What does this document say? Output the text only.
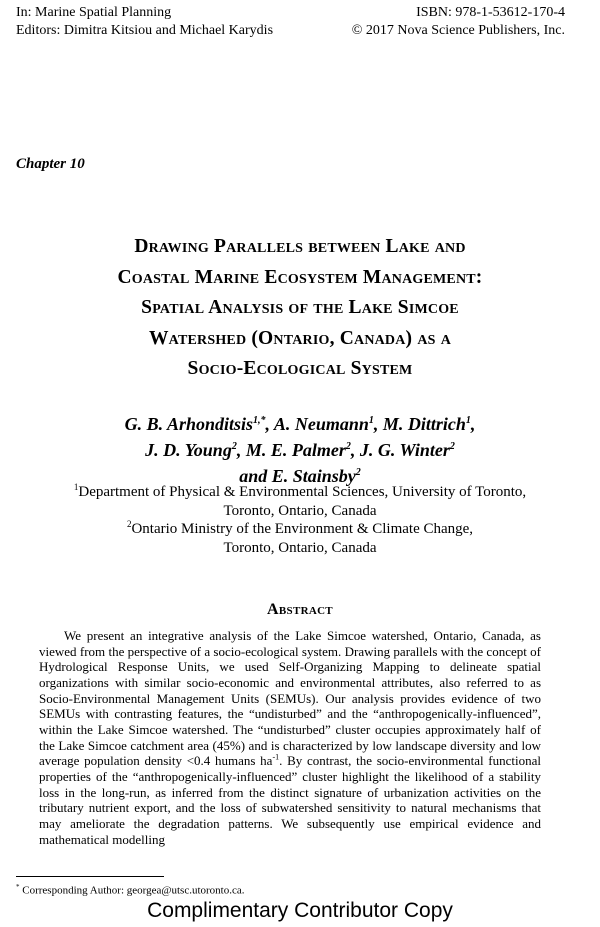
In: Marine Spatial Planning
Editors: Dimitra Kitsiou and Michael Karydis
ISBN: 978-1-53612-170-4
© 2017 Nova Science Publishers, Inc.
Chapter 10
Drawing Parallels between Lake and
Coastal Marine Ecosystem Management:
Spatial Analysis of the Lake Simcoe
Watershed (Ontario, Canada) as a
Socio-Ecological System
G. B. Arhonditsis$^{1,*}$, A. Neumann$^1$, M. Dittrich$^1$,
J. D. Young$^2$, M. E. Palmer$^2$, J. G. Winter$^2$
and E. Stainsby$^2$
$^1$Department of Physical & Environmental Sciences, University of Toronto,
Toronto, Ontario, Canada
$^2$Ontario Ministry of the Environment & Climate Change,
Toronto, Ontario, Canada
Abstract
We present an integrative analysis of the Lake Simcoe watershed, Ontario, Canada, as viewed from the perspective of a socio-ecological system. Drawing parallels with the concept of Hydrological Response Units, we used Self-Organizing Mapping to delineate spatial organizations with similar socio-economic and environmental attributes, also referred to as Socio-Environmental Management Units (SEMUs). Our analysis provides evidence of two SEMUs with contrasting features, the “undisturbed” and the “anthropogenically-influenced”, within the Lake Simcoe watershed. The “undisturbed” cluster occupies approximately half of the Lake Simcoe catchment area (45%) and is characterized by low landscape diversity and low average population density <0.4 humans $ha^{-1}$. By contrast, the socio-environmental functional properties of the “anthropogenically-influenced” cluster highlight the likelihood of a stability loss in the long-run, as inferred from the distinct signature of urbanization activities on the tributary nutrient export, and the loss of subwatershed sensitivity to natural mechanisms that may ameliorate the degradation patterns. We subsequently use empirical evidence and mathematical modelling
* Corresponding Author: georgea@utsc.utoronto.ca.
Complimentary Contributor Copy
